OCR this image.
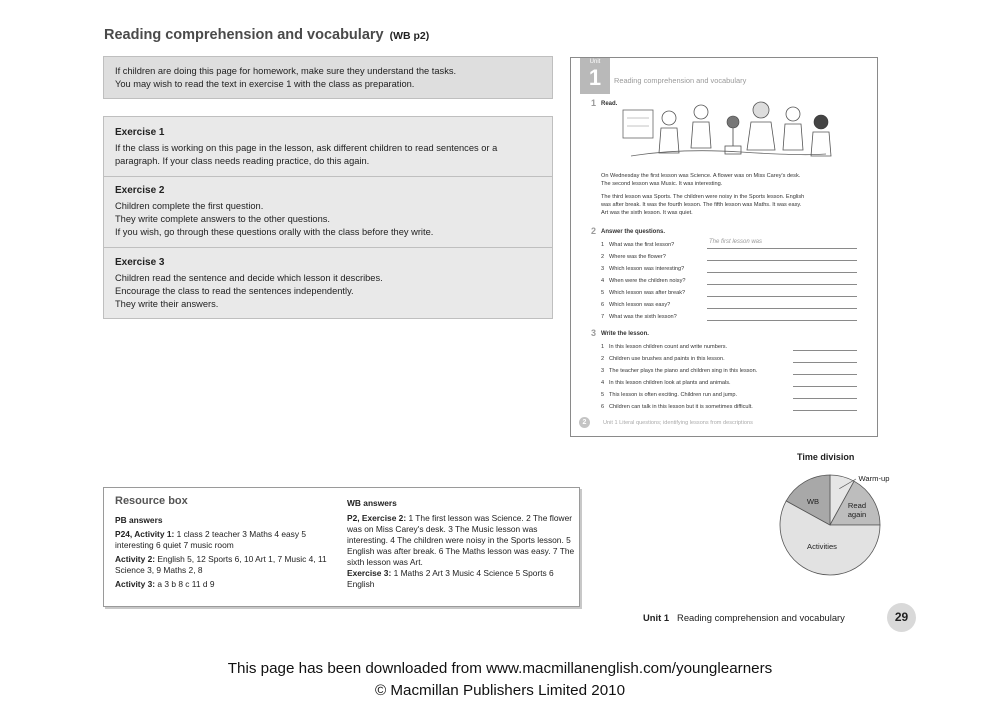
Reading comprehension and vocabulary (WB p2)
If children are doing this page for homework, make sure they understand the tasks.
You may wish to read the text in exercise 1 with the class as preparation.
Exercise 1
If the class is working on this page in the lesson, ask different children to read sentences or a
paragraph. If your class needs reading practice, do this again.
Exercise 2
Children complete the first question.
They write complete answers to the other questions.
If you wish, go through these questions orally with the class before they write.
Exercise 3
Children read the sentence and decide which lesson it describes.
Encourage the class to read the sentences independently.
They write their answers.
Unit
1	Reading comprehension and vocabulary
1 Read.
On Wednesday the first lesson was Science. A flower was on Miss Carey's desk.
The second lesson was Music. It was interesting.
The third lesson was Sports. The children were noisy in the Sports lesson. English
was after break. It was the fourth lesson. The fifth lesson was Maths. It was easy.
Art was the sixth lesson. It was quiet.
2 Answer the questions.
1 What was the first lesson?	The first lesson was
2 Where was the flower?
3 Which lesson was interesting?
4 When were the children noisy?
5 Which lesson was after break?
6 Which lesson was easy?
7 What was the sixth lesson?
3 Write the lesson.
1 In this lesson children count and write numbers.
2 Children use brushes and paints in this lesson.
3 The teacher plays the piano and children sing in this lesson.
4 In this lesson children look at plants and animals.
5 This lesson is often exciting. Children run and jump.
6 Children can talk in this lesson but it is sometimes difficult.
2	Unit 1 Literal questions; identifying lessons from descriptions
Time division
Warm-up
Read again
Activities
WB
Resource box
PB answers

P24, Activity 1: 1 class 2 teacher 3 Maths 4 easy 5 interesting 6 quiet 7 music room

Activity 2: English 5, 12 Sports 6, 10 Art 1, 7 Music 4, 11 Science 3, 9 Maths 2, 8

Activity 3: a 3 b 8 c 11 d 9

WB answers

P2, Exercise 2: 1 The first lesson was Science. 2 The flower was on Miss Carey's desk. 3 The Music lesson was interesting. 4 The children were noisy in the Sports lesson. 5 English was after break. 6 The Maths lesson was easy. 7 The sixth lesson was Art.

Exercise 3: 1 Maths 2 Art 3 Music 4 Science 5 Sports 6 English

Unit 1 Reading comprehension and vocabulary	29
This page has been downloaded from www.macmillanenglish.com/younglearners
© Macmillan Publishers Limited 2010
